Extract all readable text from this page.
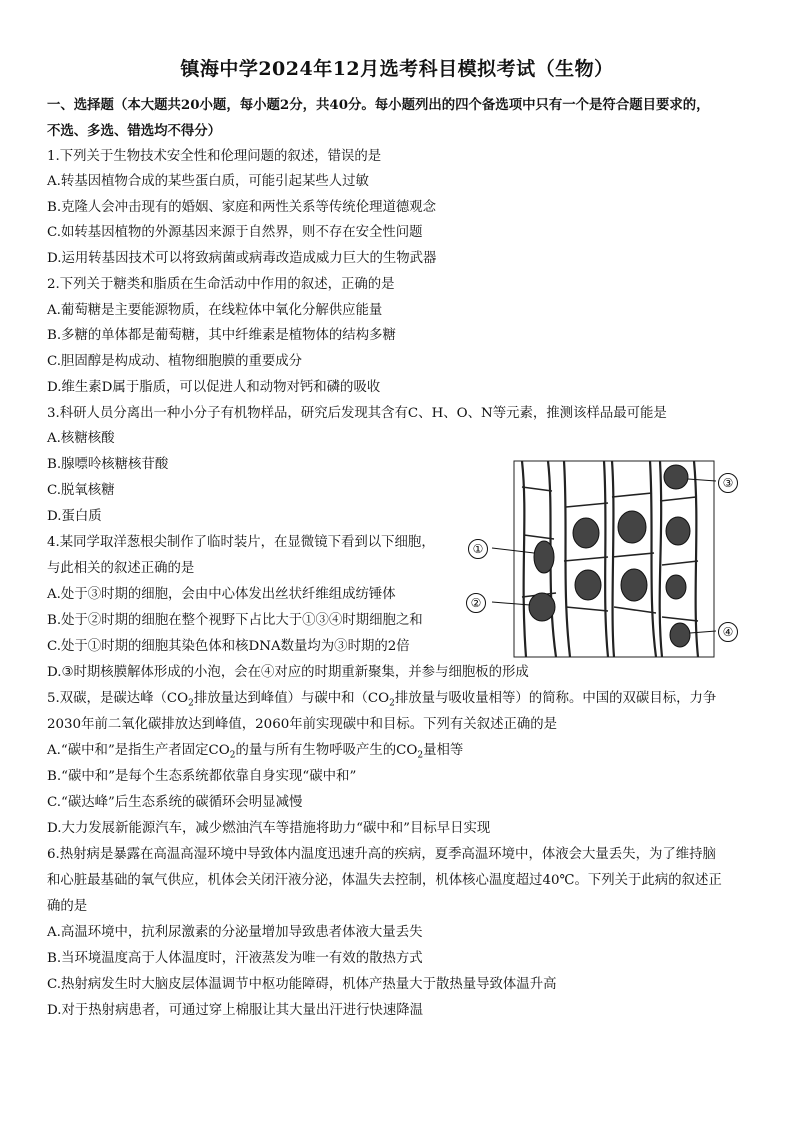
镇海中学2024年12月选考科目模拟考试（生物）
一、选择题（本大题共20小题，每小题2分，共40分。每小题列出的四个备选项中只有一个是符合题目要求的，
不选、多选、错选均不得分）
1.下列关于生物技术安全性和伦理问题的叙述，错误的是
A.转基因植物合成的某些蛋白质，可能引起某些人过敏
B.克隆人会冲击现有的婚姻、家庭和两性关系等传统伦理道德观念
C.如转基因植物的外源基因来源于自然界，则不存在安全性问题
D.运用转基因技术可以将致病菌或病毒改造成威力巨大的生物武器
2.下列关于糖类和脂质在生命活动中作用的叙述，正确的是
A.葡萄糖是主要能源物质，在线粒体中氧化分解供应能量
B.多糖的单体都是葡萄糖，其中纤维素是植物体的结构多糖
C.胆固醇是构成动、植物细胞膜的重要成分
D.维生素D属于脂质，可以促进人和动物对钙和磷的吸收
3.科研人员分离出一种小分子有机物样品，研究后发现其含有C、H、O、N等元素，推测该样品最可能是
A.核糖核酸
B.腺嘌呤核糖核苷酸
C.脱氧核糖
D.蛋白质
4.某同学取洋葱根尖制作了临时装片，在显微镜下看到以下细胞，
与此相关的叙述正确的是
A.处于③时期的细胞，会由中心体发出丝状纤维组成纺锤体
B.处于②时期的细胞在整个视野下占比大于①③④时期细胞之和
C.处于①时期的细胞其染色体和核DNA数量均为③时期的2倍
D.③时期核膜解体形成的小泡，会在④对应的时期重新聚集，并参与细胞板的形成
①
②
③
④
5.双碳，是碳达峰（$CO_2$排放量达到峰值）与碳中和（$CO_2$排放量与吸收量相等）的简称。中国的双碳目标，力争
2030年前二氧化碳排放达到峰值，2060年前实现碳中和目标。下列有关叙述正确的是
A.“碳中和”是指生产者固定$CO_2$的量与所有生物呼吸产生的$CO_2$量相等
B.“碳中和”是每个生态系统都依靠自身实现“碳中和”
C.“碳达峰”后生态系统的碳循环会明显减慢
D.大力发展新能源汽车，减少燃油汽车等措施将助力“碳中和”目标早日实现
6.热射病是暴露在高温高湿环境中导致体内温度迅速升高的疾病，夏季高温环境中，体液会大量丢失，为了维持脑
和心脏最基础的氧气供应，机体会关闭汗液分泌，体温失去控制，机体核心温度超过40℃。下列关于此病的叙述正
确的是
A.高温环境中，抗利尿激素的分泌量增加导致患者体液大量丢失
B.当环境温度高于人体温度时，汗液蒸发为唯一有效的散热方式
C.热射病发生时大脑皮层体温调节中枢功能障碍，机体产热量大于散热量导致体温升高
D.对于热射病患者，可通过穿上棉服让其大量出汗进行快速降温
